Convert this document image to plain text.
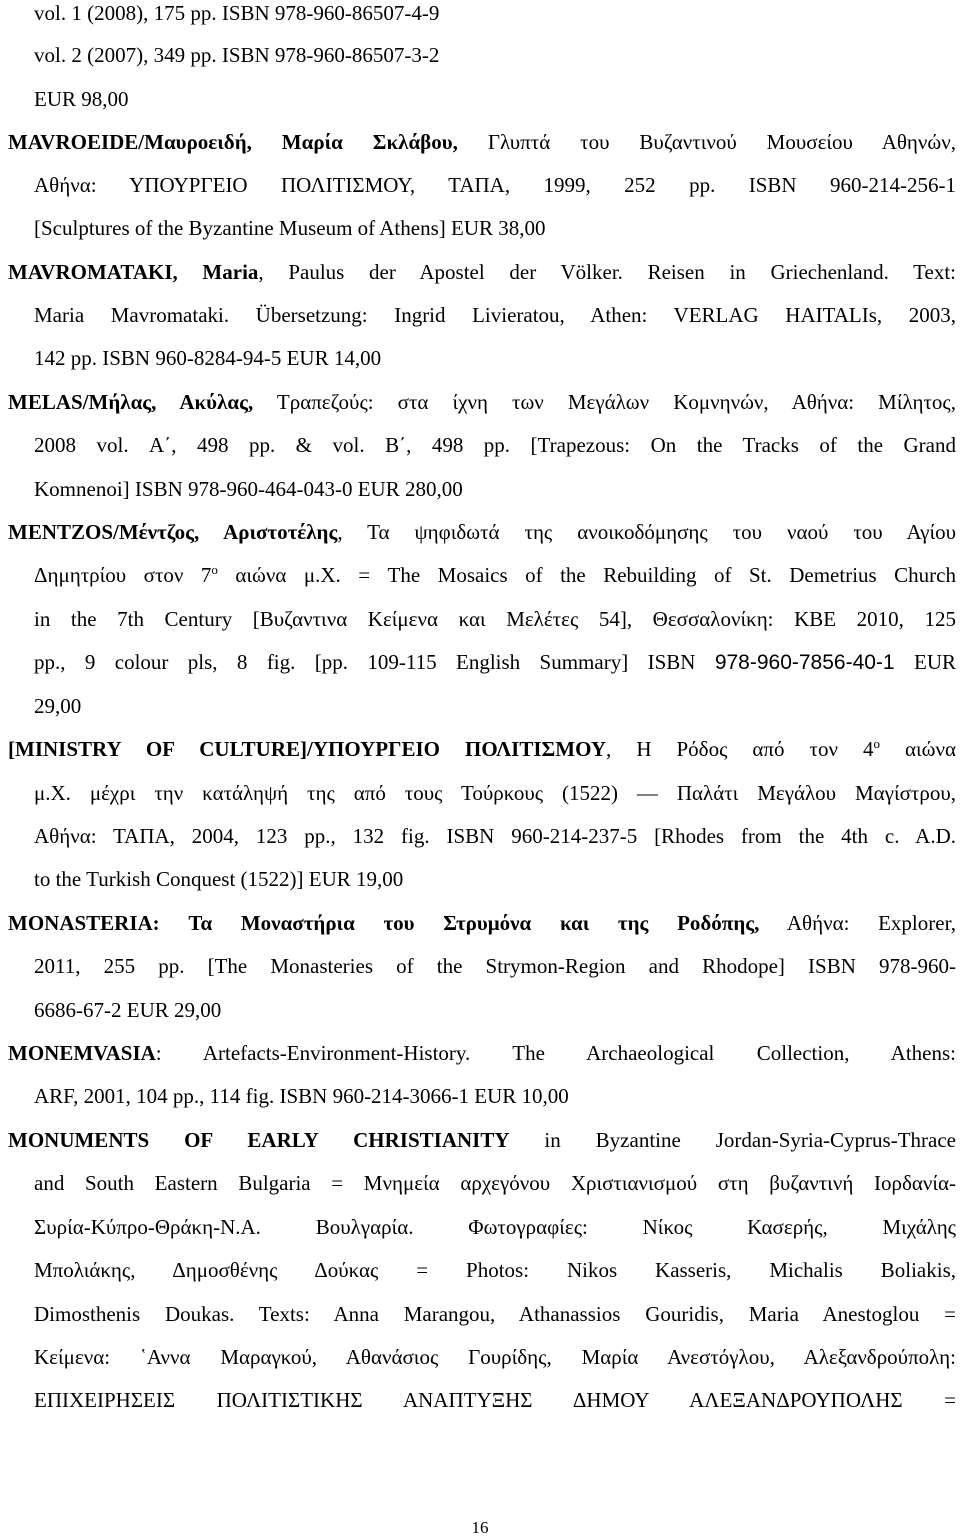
vol. 1 (2008), 175 pp. ISBN 978-960-86507-4-9
vol. 2 (2007), 349 pp. ISBN 978-960-86507-3-2
EUR 98,00
MAVROEIDE/Μαυροειδή, Μαρία Σκλάβου, Γλυπτά του Βυζαντινού Μουσείου Αθηνών,
Αθήνα: ΥΠΟΥΡΓΕΙΟ ΠΟΛΙΤΙΣΜΟΥ, ΤΑΠΑ, 1999, 252 pp. ISBN 960-214-256-1
[Sculptures of the Byzantine Museum of Athens] EUR 38,00
MAVROMATAKI, Maria, Paulus der Apostel der Völker. Reisen in Griechenland. Text:
Maria Mavromataki. Übersetzung: Ingrid Livieratou, Athen: VERLAG HAITALIs, 2003,
142 pp. ISBN 960-8284-94-5 EUR 14,00
MELAS/Μήλας, Ακύλας, Τραπεζούς: στα ίχνη των Μεγάλων Κομνηνών, Αθήνα: Μίλητος,
2008 vol. Α΄, 498 pp. & vol. Β΄, 498 pp. [Trapezous: On the Tracks of the Grand
Komnenoi] ISBN 978-960-464-043-0 EUR 280,00
MENTZOS/Μέντζος, Αριστοτέλης, Τα ψηφιδωτά της ανοικοδόμησης του ναού του Αγίου
Δημητρίου στον $7^o$ αιώνα μ.Χ. = The Mosaics of the Rebuilding of St. Demetrius Church
in the 7th Century [Βυζαντινα Κείμενα και Μελέτες 54], Θεσσαλονίκη: ΚΒΕ 2010, 125
pp., 9 colour pls, 8 fig. [pp. 109-115 English Summary] ISBN 978-960-7856-40-1 EUR
29,00
[MINISTRY OF CULTURE]/ΥΠΟΥΡΓΕΙΟ ΠΟΛΙΤΙΣΜΟΥ, Η Ρόδος από τον $4^o$ αιώνα
μ.Χ. μέχρι την κατάληψή της από τους Τούρκους (1522) ― Παλάτι Μεγάλου Μαγίστρου,
Αθήνα: ΤΑΠΑ, 2004, 123 pp., 132 fig. ISBN 960-214-237-5 [Rhodes from the 4th c. A.D.
to the Turkish Conquest (1522)] EUR 19,00
MONASTERIA: Τα Μοναστήρια του Στρυμόνα και της Ροδόπης, Αθήνα: Explorer,
2011, 255 pp. [The Monasteries of the Strymon-Region and Rhodope] ISBN 978-960-
6686-67-2 EUR 29,00
MONEMVASIA: Artefacts-Environment-History. The Archaeological Collection, Athens:
ARF, 2001, 104 pp., 114 fig. ISBN 960-214-3066-1 EUR 10,00
MONUMENTS OF EARLY CHRISTIANITY in Byzantine Jordan-Syria-Cyprus-Thrace
and South Eastern Bulgaria = Μνημεία αρχεγόνου Χριστιανισμού στη βυζαντινή Ιορδανία-
Συρία-Κύπρο-Θράκη-Ν.Α. Βουλγαρία. Φωτογραφίες: Νίκος Κασερής, Μιχάλης
Μπολιάκης, Δημοσθένης Δούκας = Photos: Nikos Kasseris, Michalis Boliakis,
Dimosthenis Doukas. Texts: Anna Marangou, Athanassios Gouridis, Maria Anestoglou =
Κείμενα: ῾Αννα Μαραγκού, Αθανάσιος Γουρίδης, Μαρία Ανεστόγλου, Αλεξανδρούπολη:
ΕΠΙΧΕΙΡΗΣΕΙΣ ΠΟΛΙΤΙΣΤΙΚΗΣ ΑΝΑΠΤΥΞΗΣ ΔΗΜΟΥ ΑΛΕΞΑΝΔΡΟΥΠΟΛΗΣ =
16
